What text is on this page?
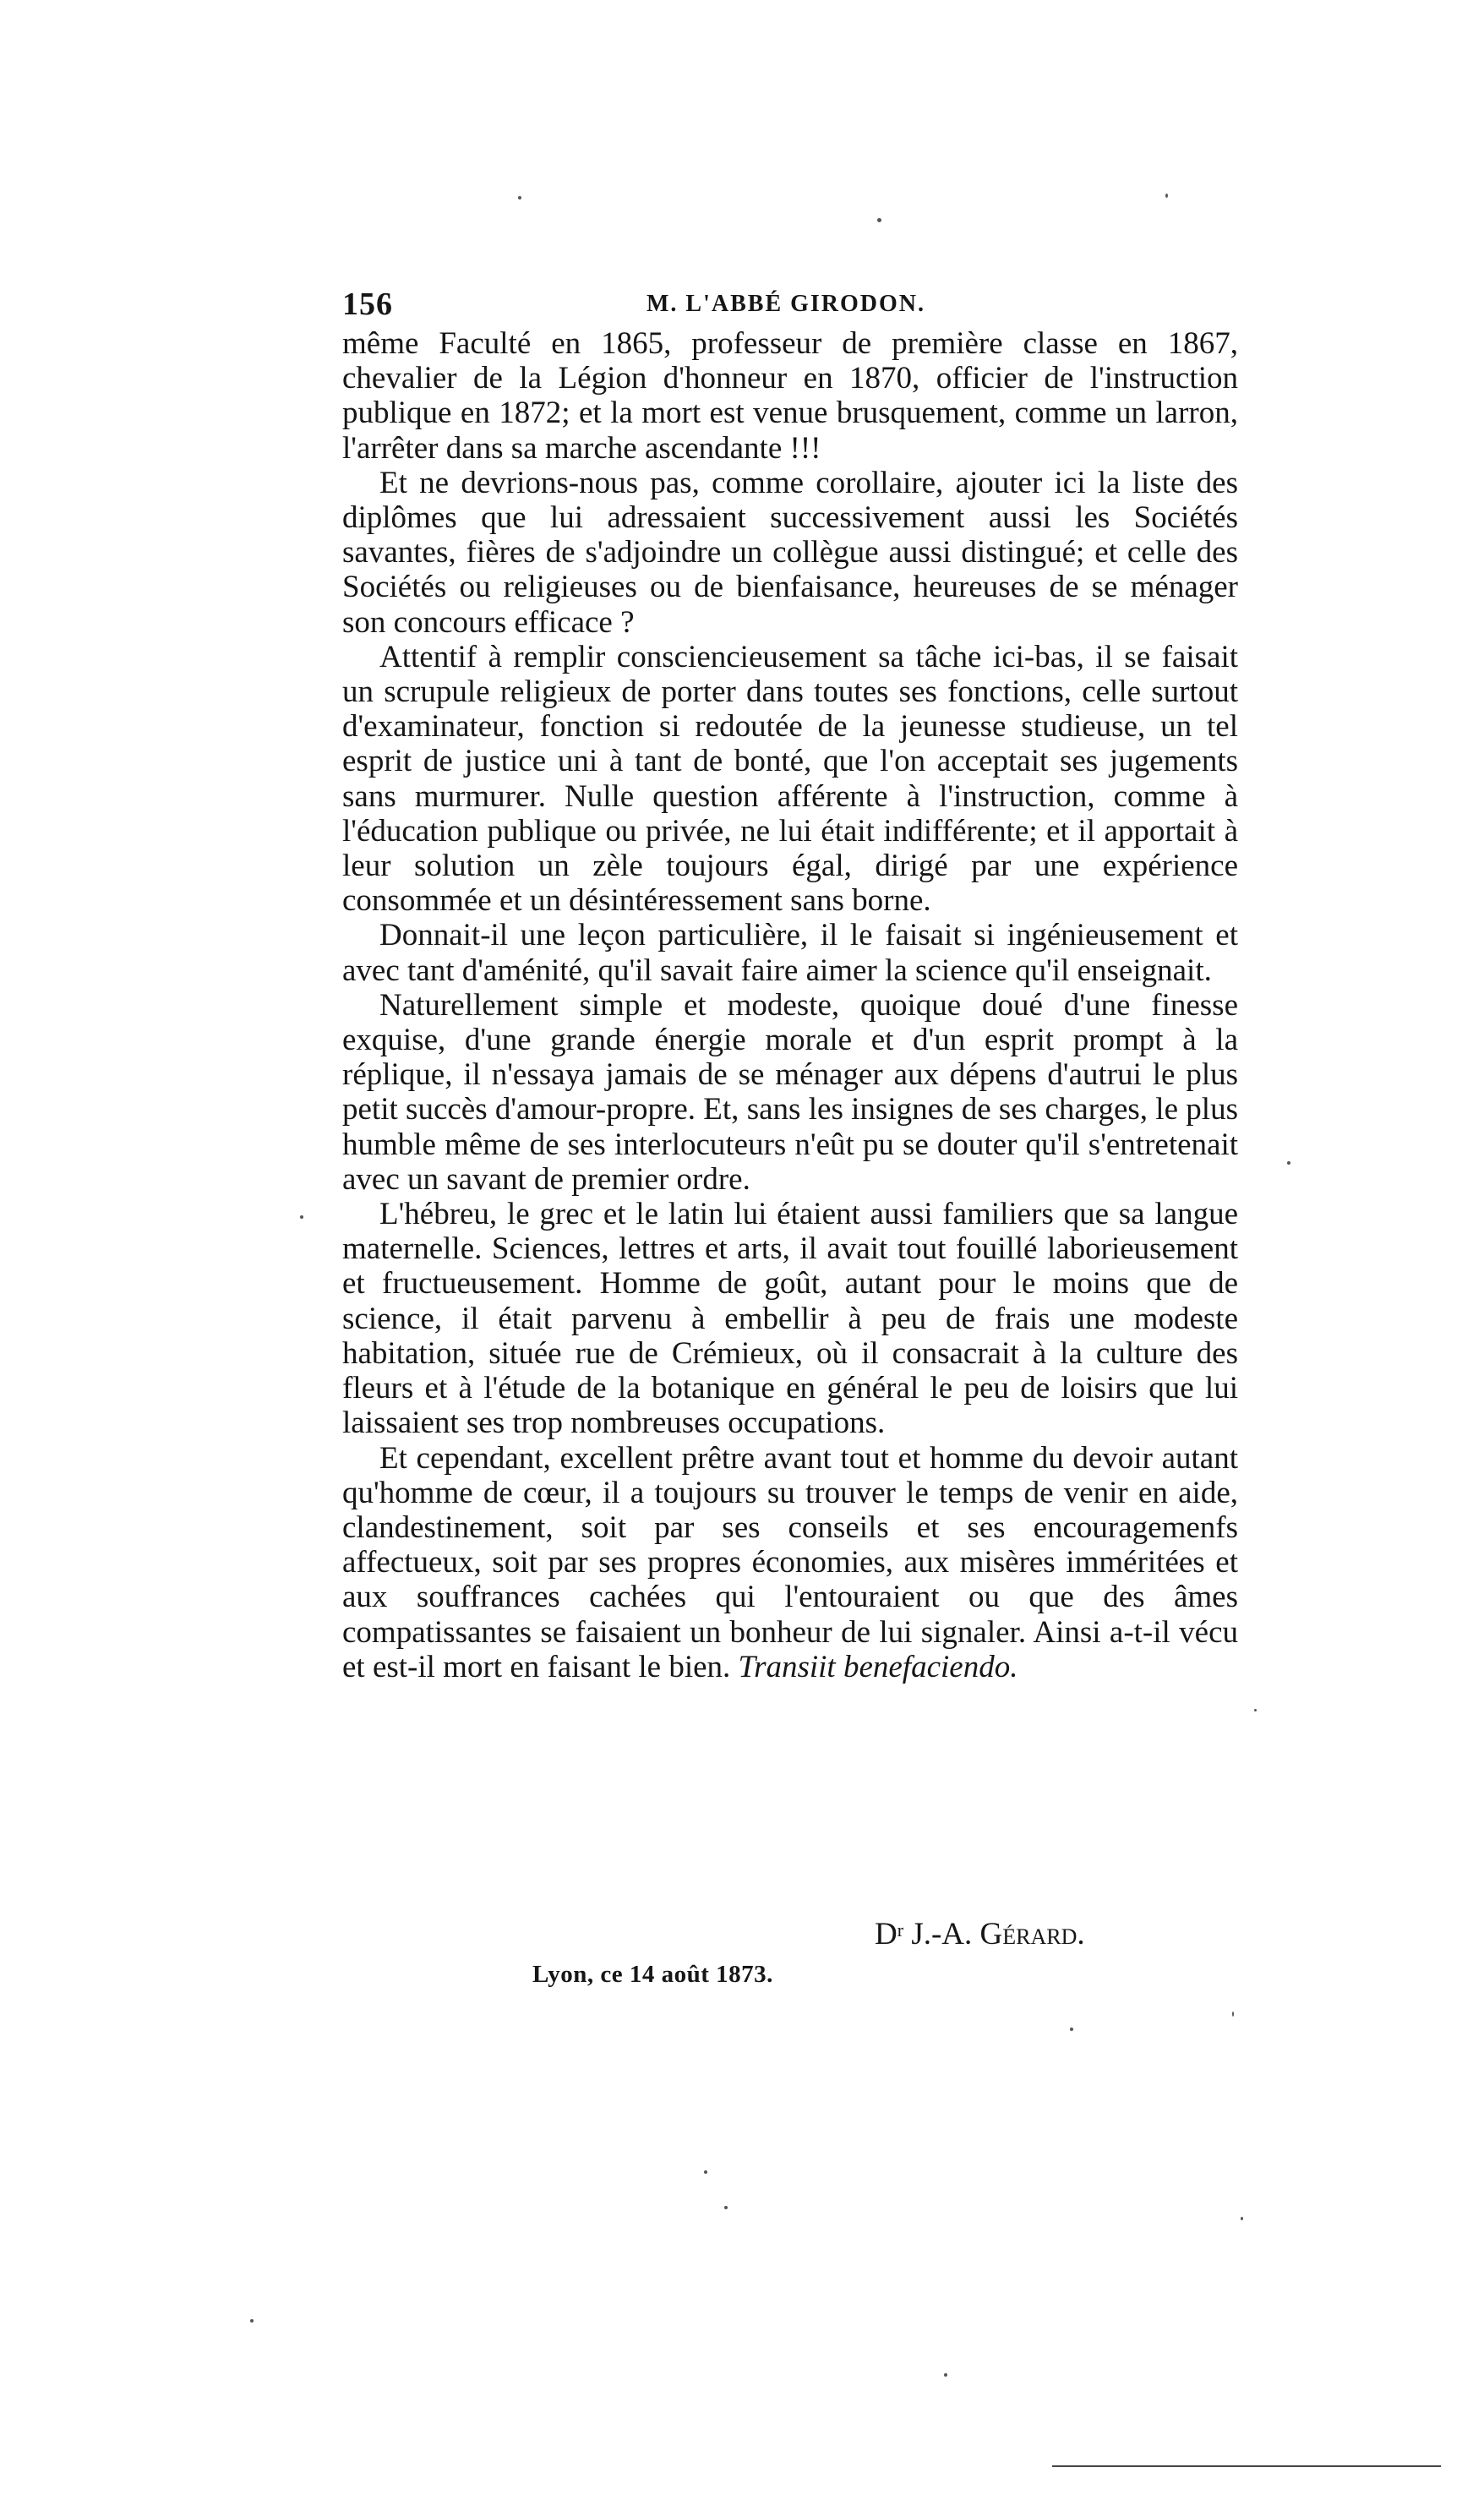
156	M. L'ABBÉ GIRODON.

même Faculté en 1865, professeur de première classe en 1867, chevalier de la Légion d'honneur en 1870, officier de l'instruction publique en 1872; et la mort est venue brusquement, comme un larron, l'arrêter dans sa marche ascendante !!!

Et ne devrions-nous pas, comme corollaire, ajouter ici la liste des diplômes que lui adressaient successivement aussi les Sociétés savantes, fières de s'adjoindre un collègue aussi distingué; et celle des Sociétés ou religieuses ou de bienfaisance, heureuses de se ménager son concours efficace ?

Attentif à remplir consciencieusement sa tâche ici-bas, il se faisait un scrupule religieux de porter dans toutes ses fonctions, celle surtout d'examinateur, fonction si redoutée de la jeunesse studieuse, un tel esprit de justice uni à tant de bonté, que l'on acceptait ses jugements sans murmurer. Nulle question afférente à l'instruction, comme à l'éducation publique ou privée, ne lui était indifférente; et il apportait à leur solution un zèle toujours égal, dirigé par une expérience consommée et un désintéressement sans borne.

Donnait-il une leçon particulière, il le faisait si ingénieusement et avec tant d'aménité, qu'il savait faire aimer la science qu'il enseignait.

Naturellement simple et modeste, quoique doué d'une finesse exquise, d'une grande énergie morale et d'un esprit prompt à la réplique, il n'essaya jamais de se ménager aux dépens d'autrui le plus petit succès d'amour-propre. Et, sans les insignes de ses charges, le plus humble même de ses interlocuteurs n'eût pu se douter qu'il s'entretenait avec un savant de premier ordre.

L'hébreu, le grec et le latin lui étaient aussi familiers que sa langue maternelle. Sciences, lettres et arts, il avait tout fouillé laborieusement et fructueusement. Homme de goût, autant pour le moins que de science, il était parvenu à embellir à peu de frais une modeste habitation, située rue de Crémieux, où il consacrait à la culture des fleurs et à l'étude de la botanique en général le peu de loisirs que lui laissaient ses trop nombreuses occupations.

Et cependant, excellent prêtre avant tout et homme du devoir autant qu'homme de cœur, il a toujours su trouver le temps de venir en aide, clandestinement, soit par ses conseils et ses encouragemenfs affectueux, soit par ses propres économies, aux misères imméritées et aux souffrances cachées qui l'entouraient ou que des âmes compatissantes se faisaient un bonheur de lui signaler. Ainsi a-t-il vécu et est-il mort en faisant le bien. Transiit benefaciendo.

$D^r$ J.-A. Gérard.
Lyon, ce 14 août 1873.
